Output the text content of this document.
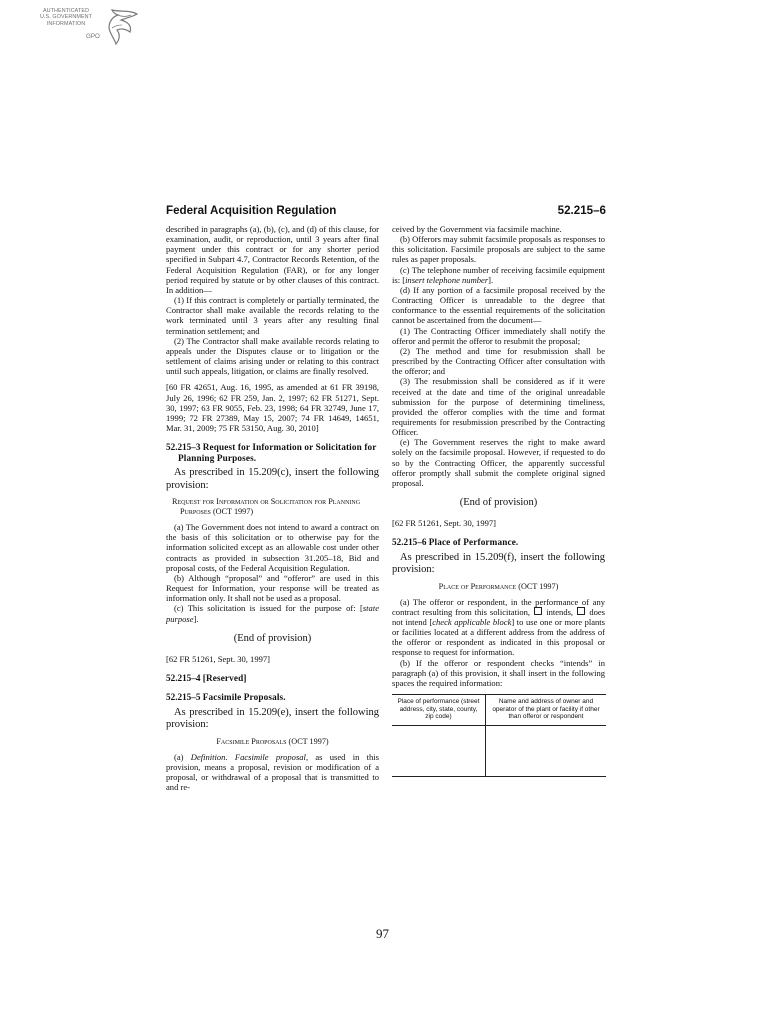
AUTHENTICATED
U.S. GOVERNMENT
INFORMATION
GPO
Federal Acquisition Regulation	52.215–6

described in paragraphs (a), (b), (c), and (d) of this clause, for examination, audit, or reproduction, until 3 years after final payment under this contract or for any shorter period specified in Subpart 4.7, Contractor Records Retention, of the Federal Acquisition Regulation (FAR), or for any longer period required by statute or by other clauses of this contract. In addition—

(1) If this contract is completely or partially terminated, the Contractor shall make available the records relating to the work terminated until 3 years after any resulting final termination settlement; and

(2) The Contractor shall make available records relating to appeals under the Disputes clause or to litigation or the settlement of claims arising under or relating to this contract until such appeals, litigation, or claims are finally resolved.

[60 FR 42651, Aug. 16, 1995, as amended at 61 FR 39198, July 26, 1996; 62 FR 259, Jan. 2, 1997; 62 FR 51271, Sept. 30, 1997; 63 FR 9055, Feb. 23, 1998; 64 FR 32749, June 17, 1999; 72 FR 27389, May 15, 2007; 74 FR 14649, 14651, Mar. 31, 2009; 75 FR 53150, Aug. 30, 2010]

52.215–3 Request for Information or Solicitation for Planning Purposes.

As prescribed in 15.209(c), insert the following provision:

Request for Information or Solicitation for Planning Purposes (OCT 1997)

(a) The Government does not intend to award a contract on the basis of this solicitation or to otherwise pay for the information solicited except as an allowable cost under other contracts as provided in subsection 31.205–18, Bid and proposal costs, of the Federal Acquisition Regulation.

(b) Although “proposal” and “offeror” are used in this Request for Information, your response will be treated as information only. It shall not be used as a proposal.

(c) This solicitation is issued for the purpose of: [state purpose].

(End of provision)

[62 FR 51261, Sept. 30, 1997]

52.215–4 [Reserved]
52.215–5 Facsimile Proposals.

As prescribed in 15.209(e), insert the following provision:

Facsimile Proposals (OCT 1997)

(a) Definition. Facsimile proposal, as used in this provision, means a proposal, revision or modification of a proposal, or withdrawal of a proposal that is transmitted to and re-

ceived by the Government via facsimile machine.

(b) Offerors may submit facsimile proposals as responses to this solicitation. Facsimile proposals are subject to the same rules as paper proposals.

(c) The telephone number of receiving facsimile equipment is: [insert telephone number].

(d) If any portion of a facsimile proposal received by the Contracting Officer is unreadable to the degree that conformance to the essential requirements of the solicitation cannot be ascertained from the document—

(1) The Contracting Officer immediately shall notify the offeror and permit the offeror to resubmit the proposal;

(2) The method and time for resubmission shall be prescribed by the Contracting Officer after consultation with the offeror; and

(3) The resubmission shall be considered as if it were received at the date and time of the original unreadable submission for the purpose of determining timeliness, provided the offeror complies with the time and format requirements for resubmission prescribed by the Contracting Officer.

(e) The Government reserves the right to make award solely on the facsimile proposal. However, if requested to do so by the Contracting Officer, the apparently successful offeror promptly shall submit the complete original signed proposal.

(End of provision)

[62 FR 51261, Sept. 30, 1997]

52.215–6 Place of Performance.

As prescribed in 15.209(f), insert the following provision:

Place of Performance (OCT 1997)

(a) The offeror or respondent, in the performance of any contract resulting from this solicitation,  intends,  does not intend [check applicable block] to use one or more plants or facilities located at a different address from the address of the offeror or respondent as indicated in this proposal or response to request for information.

(b) If the offeror or respondent checks “intends” in paragraph (a) of this provision, it shall insert in the following spaces the required information:

Place of performance (street address, city, state, county, zip code)	Name and address of owner and operator of the plant or facility if other than offeror or respondent

97
